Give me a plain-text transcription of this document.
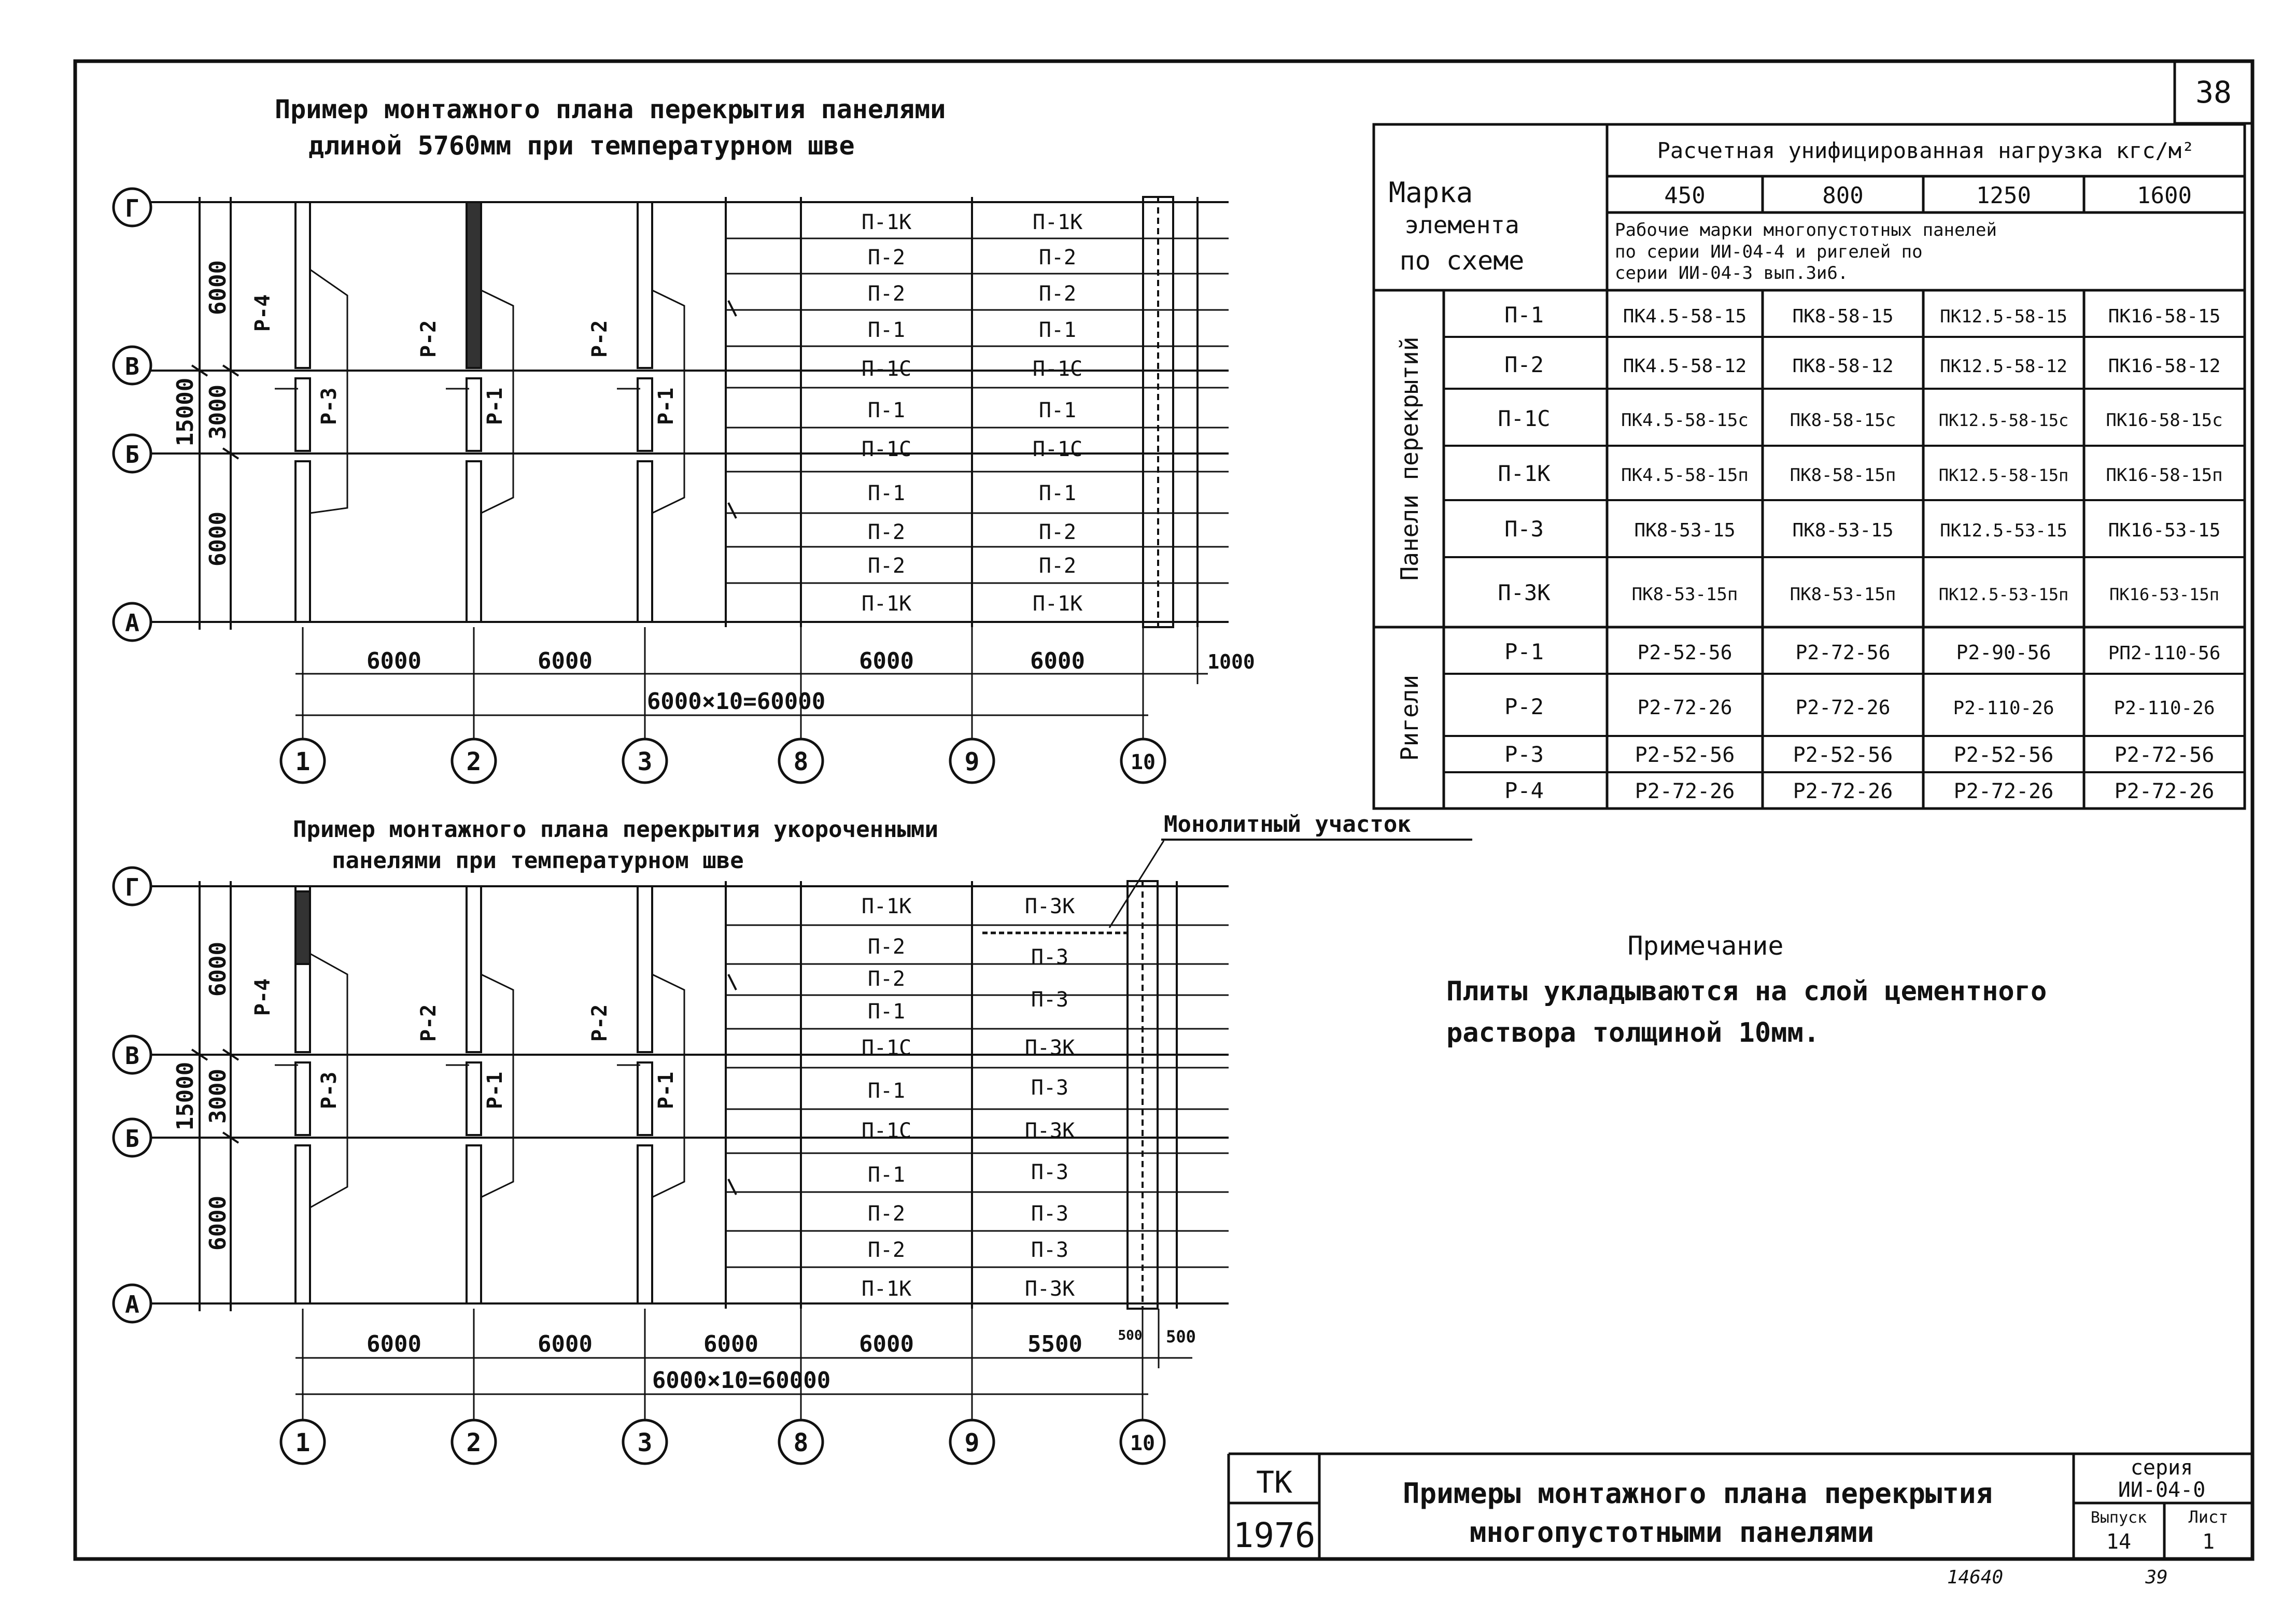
38
Пример монтажного плана перекрытия панелями
длиной 5760мм при температурном шве
Г
В
Б
А
6000
3000
6000
15000
Р-4
Р-3
Р-2
Р-1
Р-2
Р-1
П-1К
П-2
П-2
П-1
П-1С
П-1
П-1С
П-1
П-2
П-2
П-1К
П-1К
П-2
П-2
П-1
П-1С
П-1
П-1С
П-1
П-2
П-2
П-1К
6000	6000	6000	6000	1000
6000×10=60000
1	2	3	8	9	10
Пример монтажного плана перекрытия укороченными
панелями при температурном шве
Монолитный участок
Г
В
Б
А
6000
3000
6000
15000
Р-4
Р-3
Р-2
Р-1
Р-2
Р-1
П-1К
П-2
П-2
П-1
П-1С
П-1
П-1С
П-1
П-2
П-2
П-1К
П-3К
П-3
П-3
П-3К
П-3
П-3К
П-3
П-3
П-3
П-3К
6000	6000	6000	6000	5500	500 500
6000×10=60000
1	2	3	8	9	10
Марка
элемента
по схеме
Расчетная унифицированная нагрузка кгс/м²
450	800	1250	1600
Рабочие марки многопустотных панелей
по серии ИИ-04-4 и ригелей по
серии ИИ-04-3 вып.3и6.
Панели перекрытий
Ригели
П-1	ПК4.5-58-15 ПК8-58-15	ПК12.5-58-15 ПК16-58-15
П-2	ПК4.5-58-12 ПК8-58-12	ПК12.5-58-12 ПК16-58-12
П-1С	ПК4.5-58-15с ПК8-58-15с	ПК12.5-58-15с ПК16-58-15с
П-1К	ПК4.5-58-15п ПК8-58-15п	ПК12.5-58-15п ПК16-58-15п
П-3	ПК8-53-15	ПК8-53-15	ПК12.5-53-15 ПК16-53-15
П-3К	ПК8-53-15п	ПК8-53-15п	ПК12.5-53-15п ПК16-53-15п
Р-1	Р2-52-56	Р2-72-56	Р2-90-56	РП2-110-56
Р-2	Р2-72-26	Р2-72-26	Р2-110-26	Р2-110-26
Р-3	Р2-52-56	Р2-52-56	Р2-52-56	Р2-72-56
Р-4	Р2-72-26	Р2-72-26	Р2-72-26	Р2-72-26
Примечание
Плиты укладываются на слой цементного
раствора толщиной 10мм.
ТК
1976
Примеры монтажного плана перекрытия
многопустотными панелями
серия
ИИ-04-0
Выпуск
14
Лист
1
14640	39
